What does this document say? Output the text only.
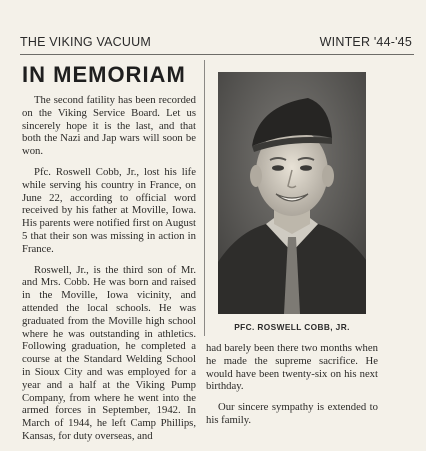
THE VIKING VACUUM	WINTER '44-'45
IN MEMORIAM

The second fatility has been recorded on the Viking Service Board. Let us sincerely hope it is the last, and that both the Nazi and Jap wars will soon be won.

Pfc. Roswell Cobb, Jr., lost his life while serving his country in France, on June 22, according to official word received by his father at Moville, Iowa. His parents were notified first on August 5 that their son was missing in action in France.

Roswell, Jr., is the third son of Mr. and Mrs. Cobb. He was born and raised in the Moville, Iowa vicinity, and attended the local schools. He was graduated from the Moville high school where he was outstanding in athletics. Following graduation, he completed a course at the Standard Welding School in Sioux City and was employed for a year and a half at the Viking Pump Company, from where he went into the armed forces in September, 1942. In March of 1944, he left Camp Phillips, Kansas, for duty overseas, and

PFC. ROSWELL COBB, JR.

had barely been there two months when he made the supreme sacrifice. He would have been twenty-six on his next birthday.

Our sincere sympathy is extended to his family.
